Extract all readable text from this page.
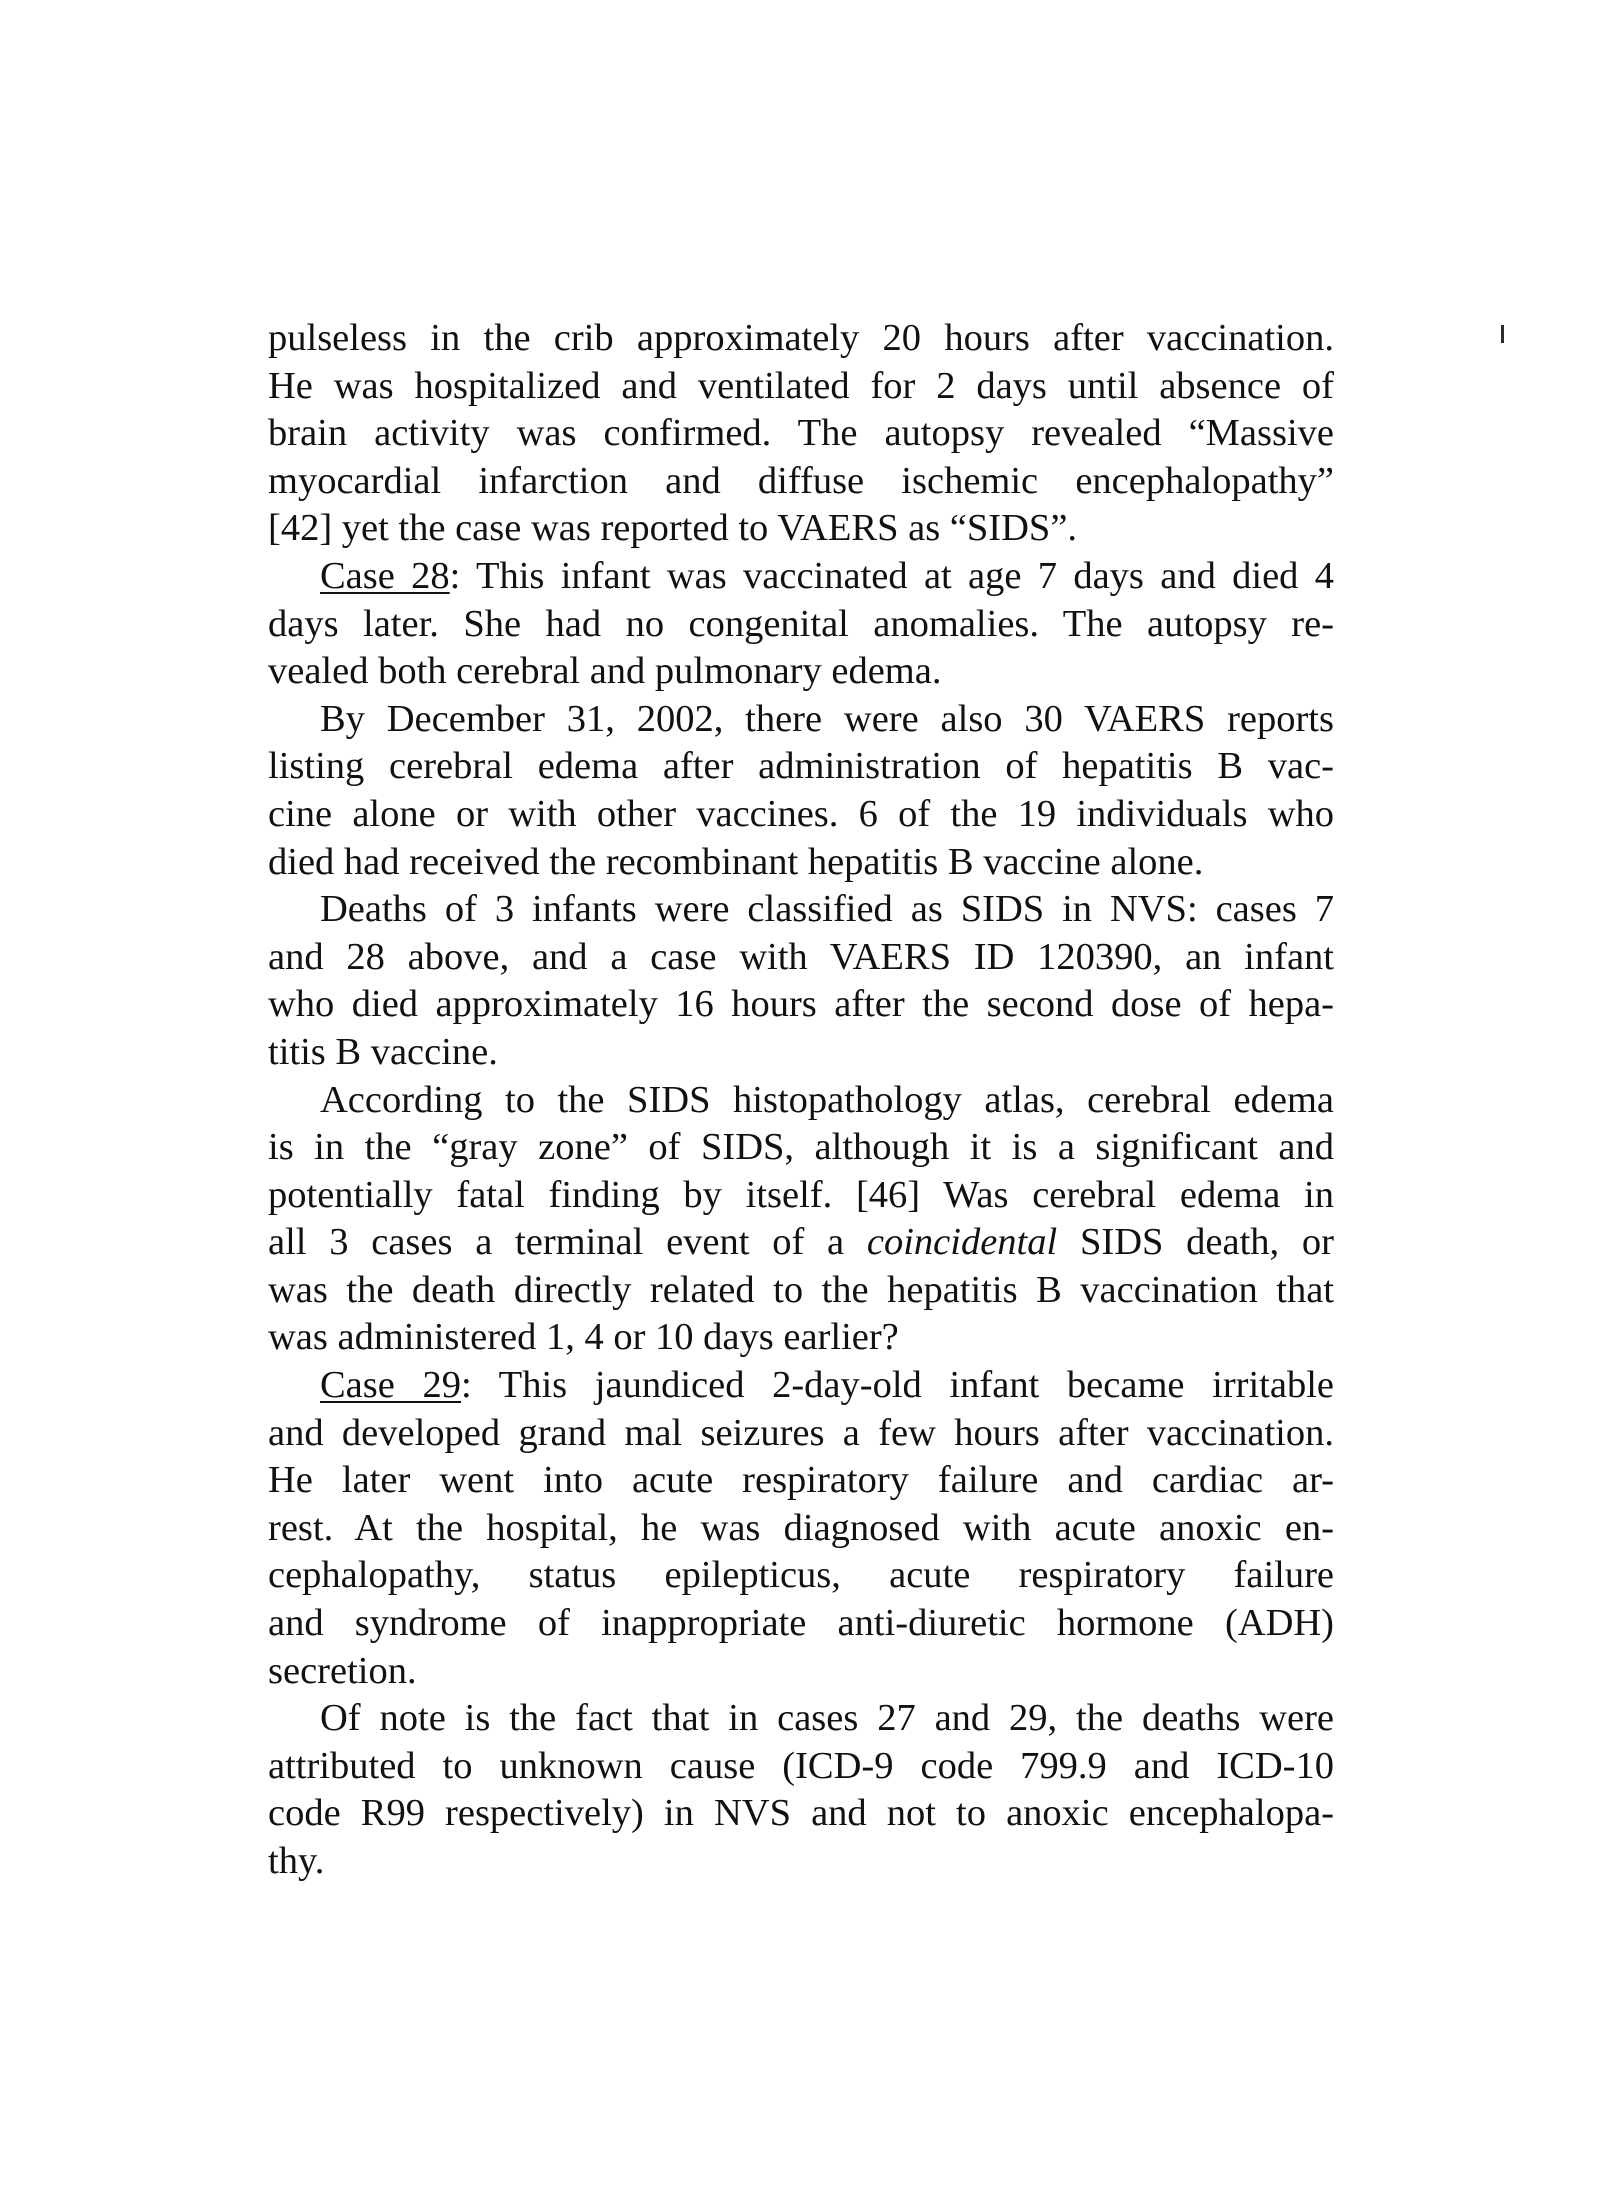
pulseless in the crib approximately 20 hours after vaccination.
He was hospitalized and ventilated for 2 days until absence of
brain activity was confirmed. The autopsy revealed “Massive
myocardial infarction and diffuse ischemic encephalopathy”
[42] yet the case was reported to VAERS as “SIDS”.
Case 28: This infant was vaccinated at age 7 days and died 4
days later. She had no congenital anomalies. The autopsy re-
vealed both cerebral and pulmonary edema.
By December 31, 2002, there were also 30 VAERS reports
listing cerebral edema after administration of hepatitis B vac-
cine alone or with other vaccines. 6 of the 19 individuals who
died had received the recombinant hepatitis B vaccine alone.
Deaths of 3 infants were classified as SIDS in NVS: cases 7
and 28 above, and a case with VAERS ID 120390, an infant
who died approximately 16 hours after the second dose of hepa-
titis B vaccine.
According to the SIDS histopathology atlas, cerebral edema
is in the “gray zone” of SIDS, although it is a significant and
potentially fatal finding by itself. [46] Was cerebral edema in
all 3 cases a terminal event of a coincidental SIDS death, or
was the death directly related to the hepatitis B vaccination that
was administered 1, 4 or 10 days earlier?
Case 29: This jaundiced 2-day-old infant became irritable
and developed grand mal seizures a few hours after vaccination.
He later went into acute respiratory failure and cardiac ar-
rest. At the hospital, he was diagnosed with acute anoxic en-
cephalopathy, status epilepticus, acute respiratory failure
and syndrome of inappropriate anti-diuretic hormone (ADH)
secretion.
Of note is the fact that in cases 27 and 29, the deaths were
attributed to unknown cause (ICD-9 code 799.9 and ICD-10
code R99 respectively) in NVS and not to anoxic encephalopa-
thy.
